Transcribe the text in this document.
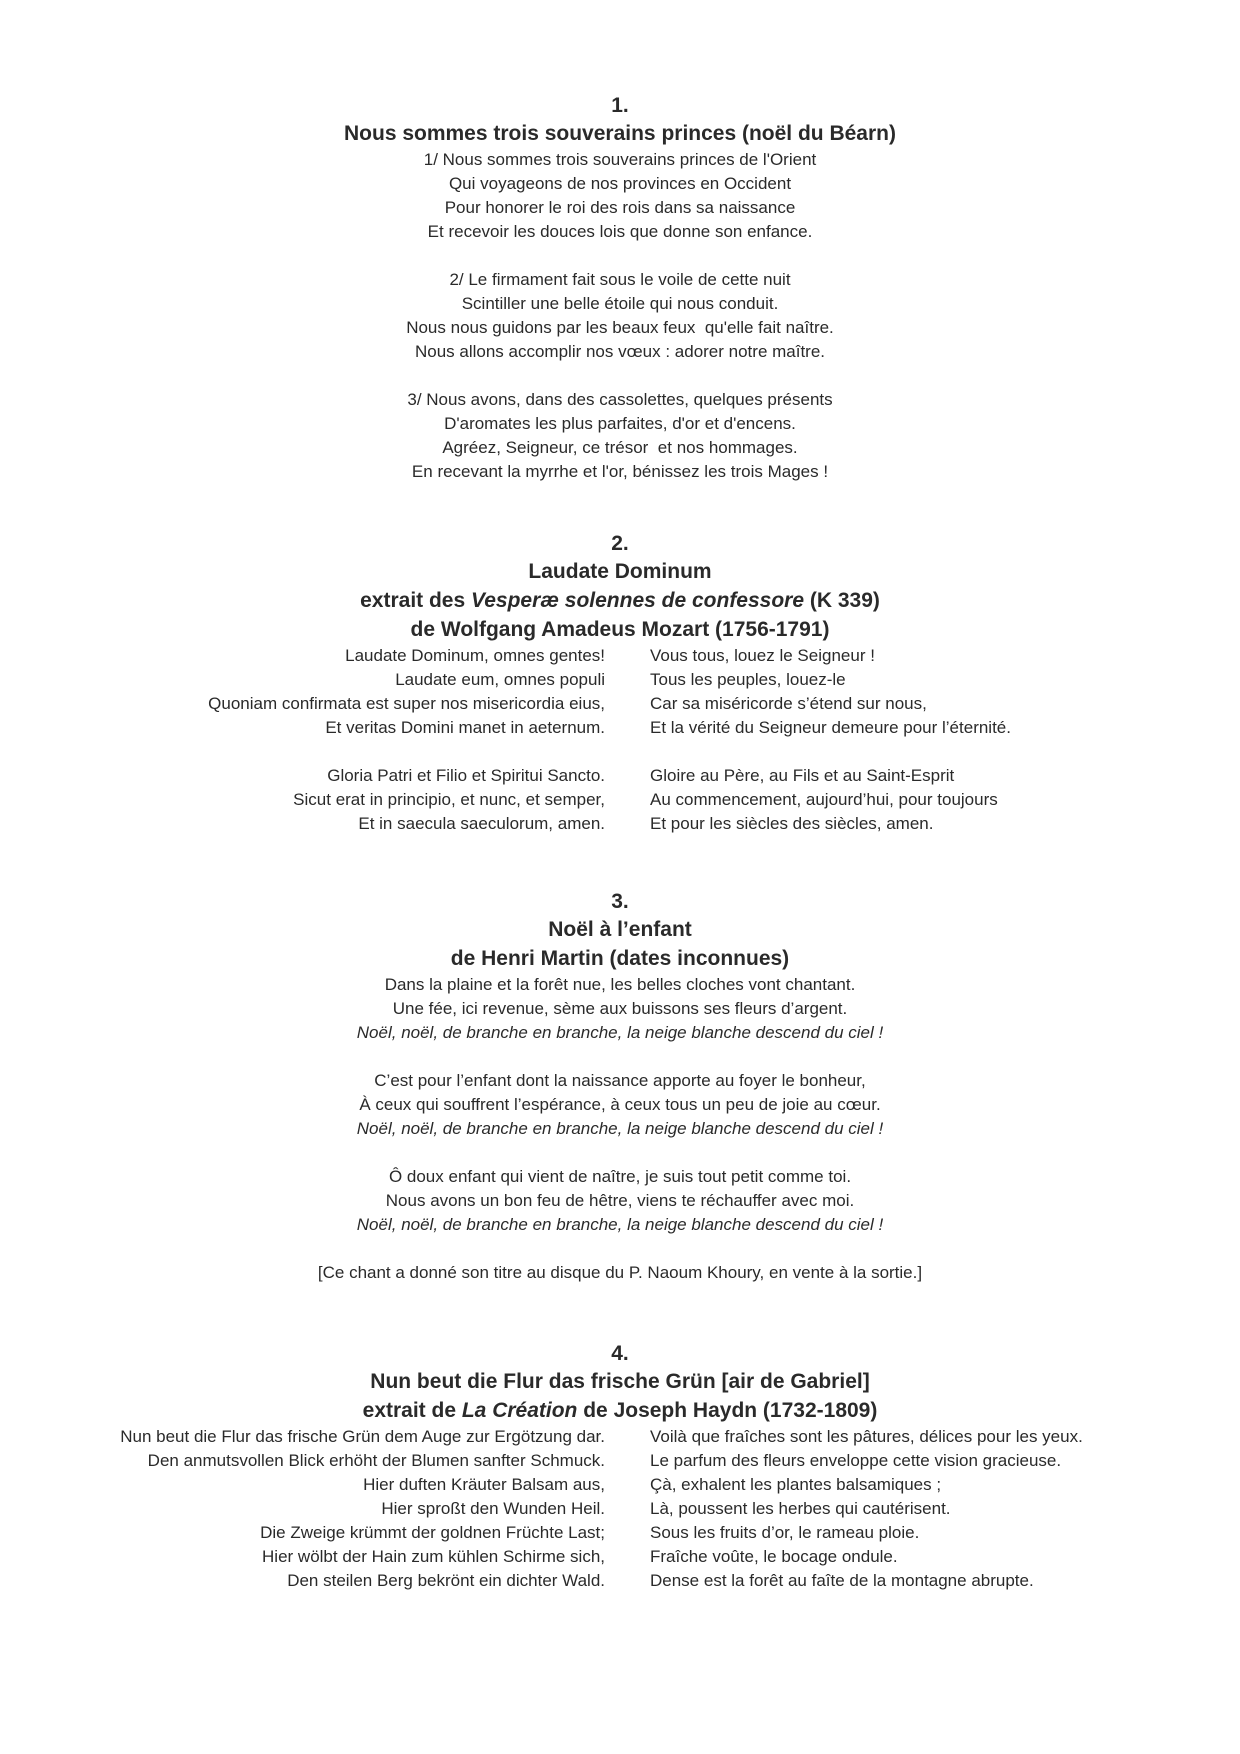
1.
Nous sommes trois souverains princes (noël du Béarn)
1/ Nous sommes trois souverains princes de l'Orient
Qui voyageons de nos provinces en Occident
Pour honorer le roi des rois dans sa naissance
Et recevoir les douces lois que donne son enfance.
2/ Le firmament fait sous le voile de cette nuit
Scintiller une belle étoile qui nous conduit.
Nous nous guidons par les beaux feux  qu'elle fait naître.
Nous allons accomplir nos vœux : adorer notre maître.
3/ Nous avons, dans des cassolettes, quelques présents
D'aromates les plus parfaites, d'or et d'encens.
Agréez, Seigneur, ce trésor  et nos hommages.
En recevant la myrrhe et l'or, bénissez les trois Mages !
2.
Laudate Dominum
extrait des Vesperæ solennes de confessore (K 339)
de Wolfgang Amadeus Mozart (1756-1791)
Laudate Dominum, omnes gentes!	Vous tous, louez le Seigneur !
Laudate eum, omnes populi	Tous les peuples, louez-le
Quoniam confirmata est super nos misericordia eius,	Car sa miséricorde s’étend sur nous,
Et veritas Domini manet in aeternum.	Et la vérité du Seigneur demeure pour l’éternité.
Gloria Patri et Filio et Spiritui Sancto.	Gloire au Père, au Fils et au Saint-Esprit
Sicut erat in principio, et nunc, et semper,	Au commencement, aujourd’hui, pour toujours
Et in saecula saeculorum, amen.	Et pour les siècles des siècles, amen.
3.
Noël à l’enfant
de Henri Martin (dates inconnues)
Dans la plaine et la forêt nue, les belles cloches vont chantant.
Une fée, ici revenue, sème aux buissons ses fleurs d’argent.
Noël, noël, de branche en branche, la neige blanche descend du ciel !
C’est pour l’enfant dont la naissance apporte au foyer le bonheur,
À ceux qui souffrent l’espérance, à ceux tous un peu de joie au cœur.
Noël, noël, de branche en branche, la neige blanche descend du ciel !
Ô doux enfant qui vient de naître, je suis tout petit comme toi.
Nous avons un bon feu de hêtre, viens te réchauffer avec moi.
Noël, noël, de branche en branche, la neige blanche descend du ciel !
[Ce chant a donné son titre au disque du P. Naoum Khoury, en vente à la sortie.]
4.
Nun beut die Flur das frische Grün [air de Gabriel]
extrait de La Création de Joseph Haydn (1732-1809)
Nun beut die Flur das frische Grün dem Auge zur Ergötzung dar.	Voilà que fraîches sont les pâtures, délices pour les yeux.
Den anmutsvollen Blick erhöht der Blumen sanfter Schmuck.	Le parfum des fleurs enveloppe cette vision gracieuse.
Hier duften Kräuter Balsam aus,	Çà, exhalent les plantes balsamiques ;
Hier sproßt den Wunden Heil.	Là, poussent les herbes qui cautérisent.
Die Zweige krümmt der goldnen Früchte Last;	Sous les fruits d’or, le rameau ploie.
Hier wölbt der Hain zum kühlen Schirme sich,	Fraîche voûte, le bocage ondule.
Den steilen Berg bekrönt ein dichter Wald.	Dense est la forêt au faîte de la montagne abrupte.
